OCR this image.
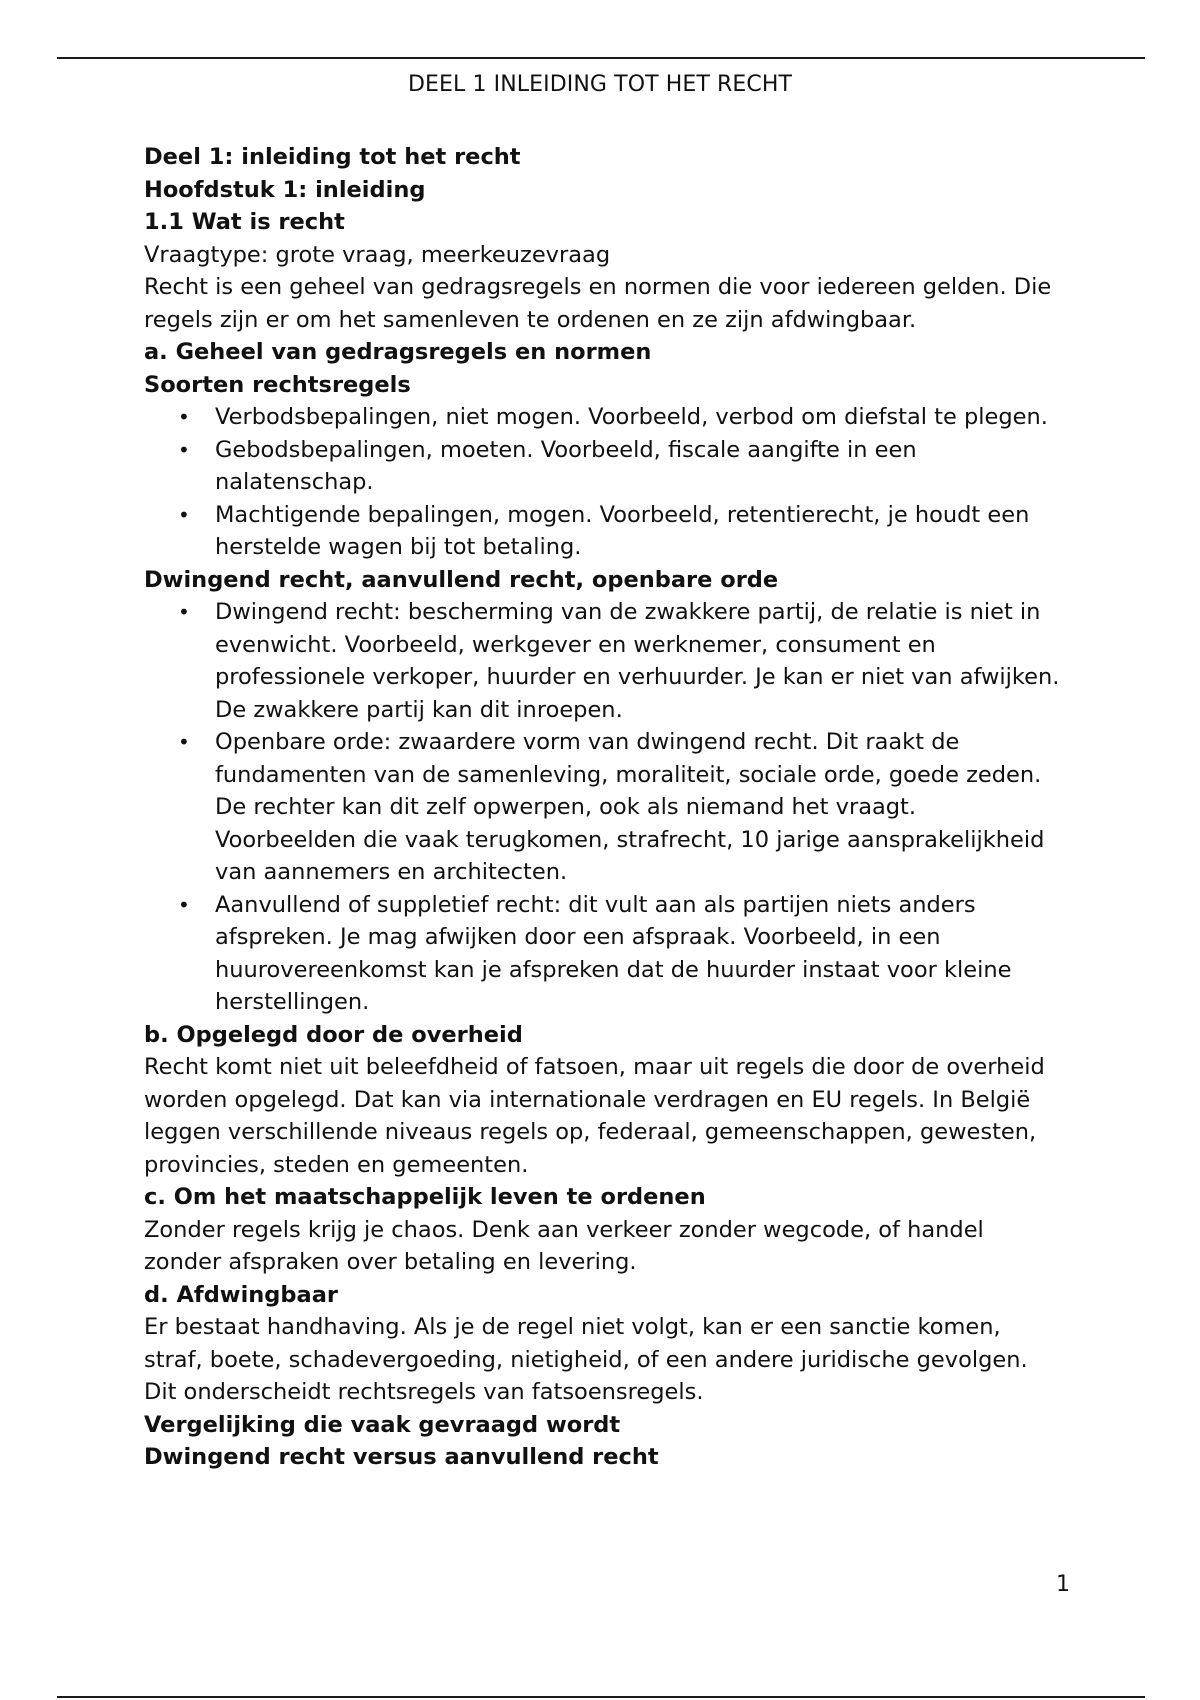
DEEL 1 INLEIDING TOT HET RECHT

Deel 1: inleiding tot het recht

Hoofdstuk 1: inleiding

1.1 Wat is recht

Vraagtype: grote vraag, meerkeuzevraag

Recht is een geheel van gedragsregels en normen die voor iedereen gelden. Die regels zijn er om het samenleven te ordenen en ze zijn afdwingbaar.

a. Geheel van gedragsregels en normen

Soorten rechtsregels

• Verbodsbepalingen, niet mogen. Voorbeeld, verbod om diefstal te plegen.
• Gebodsbepalingen, moeten. Voorbeeld, fiscale aangifte in een nalatenschap.
• Machtigende bepalingen, mogen. Voorbeeld, retentierecht, je houdt een herstelde wagen bij tot betaling.

Dwingend recht, aanvullend recht, openbare orde

• Dwingend recht: bescherming van de zwakkere partij, de relatie is niet in evenwicht. Voorbeeld, werkgever en werknemer, consument en professionele verkoper, huurder en verhuurder. Je kan er niet van afwijken. De zwakkere partij kan dit inroepen.
• Openbare orde: zwaardere vorm van dwingend recht. Dit raakt de fundamenten van de samenleving, moraliteit, sociale orde, goede zeden. De rechter kan dit zelf opwerpen, ook als niemand het vraagt. Voorbeelden die vaak terugkomen, strafrecht, 10 jarige aansprakelijkheid van aannemers en architecten.
• Aanvullend of suppletief recht: dit vult aan als partijen niets anders afspreken. Je mag afwijken door een afspraak. Voorbeeld, in een huurovereenkomst kan je afspreken dat de huurder instaat voor kleine herstellingen.

b. Opgelegd door de overheid

Recht komt niet uit beleefdheid of fatsoen, maar uit regels die door de overheid worden opgelegd. Dat kan via internationale verdragen en EU regels. In België leggen verschillende niveaus regels op, federaal, gemeenschappen, gewesten, provincies, steden en gemeenten.

c. Om het maatschappelijk leven te ordenen

Zonder regels krijg je chaos. Denk aan verkeer zonder wegcode, of handel zonder afspraken over betaling en levering.

d. Afdwingbaar

Er bestaat handhaving. Als je de regel niet volgt, kan er een sanctie komen, straf, boete, schadevergoeding, nietigheid, of een andere juridische gevolgen. Dit onderscheidt rechtsregels van fatsoensregels.

Vergelijking die vaak gevraagd wordt

Dwingend recht versus aanvullend recht

1
